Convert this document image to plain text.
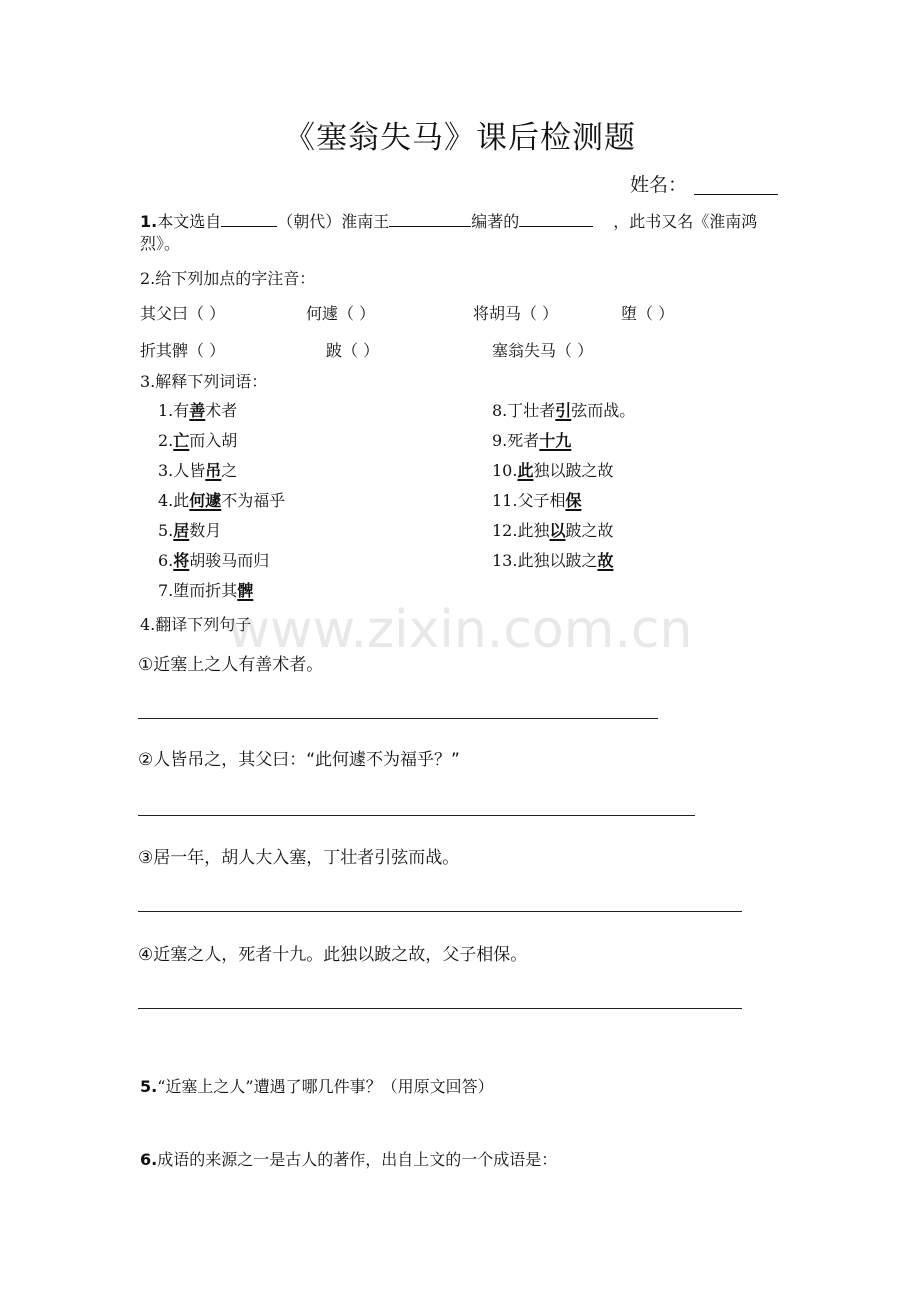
《塞翁失马》课后检测题
姓名：
1.本文选自	（朝代）淮南王	编著的	，此书又名《淮南鸿烈》。
2.给下列加点的字注音：
其父曰（ ）	何遽（ ）	将胡马（ ）	堕（ ）
折其髀（ ）	跛（ ）	塞翁失马（ ）
3.解释下列词语：
1.有善术者
2.亡而入胡
3.人皆吊之
4.此何遽不为福乎
5.居数月
6.将胡骏马而归
7.堕而折其髀
8.丁壮者引弦而战。
9.死者十九
10.此独以跛之故
11.父子相保
12.此独以跛之故
13.此独以跛之故
4.翻译下列句子
①近塞上之人有善术者。
②人皆吊之，其父曰：“此何遽不为福乎？”
③居一年，胡人大入塞，丁壮者引弦而战。
④近塞之人，死者十九。此独以跛之故，父子相保。
5.“近塞上之人”遭遇了哪几件事？（用原文回答）
6.成语的来源之一是古人的著作，出自上文的一个成语是：
www.zixin.com.cn
